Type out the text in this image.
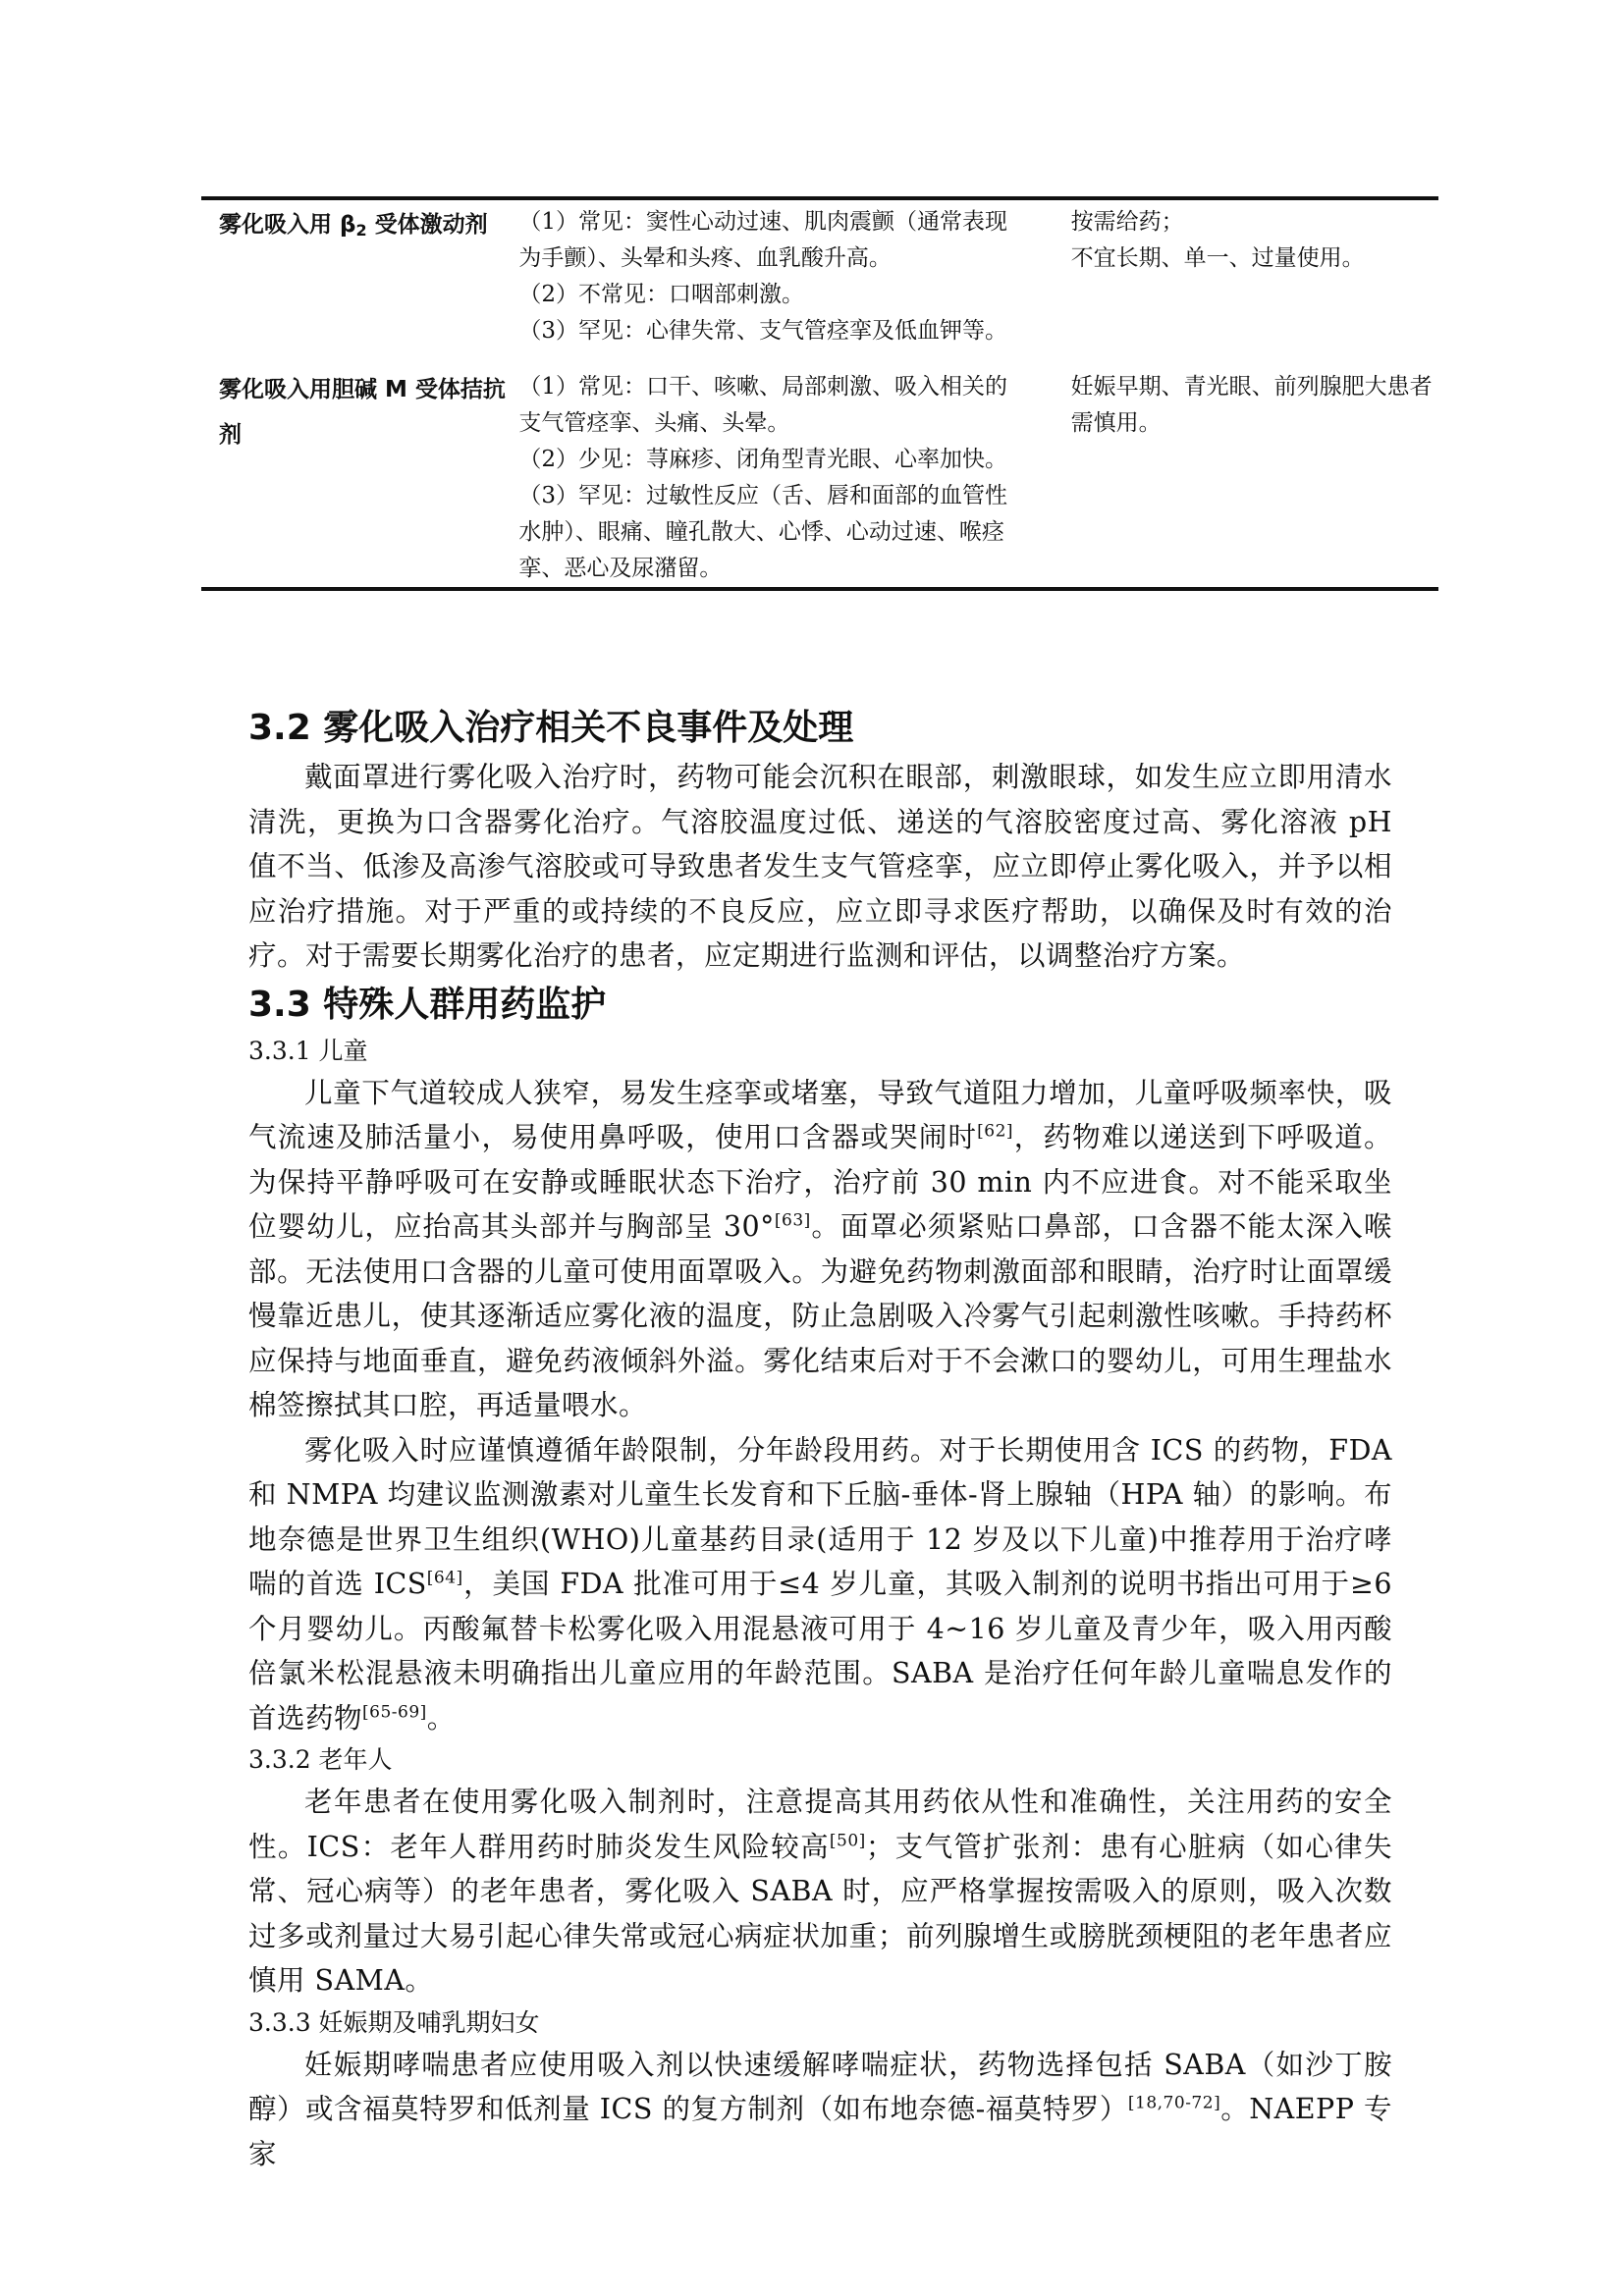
雾化吸入用 $\beta_2$ 受体激动剂	（1）常见：窦性心动过速、肌肉震颤（通常表现为手颤）、头晕和头疼、血乳酸升高。

（2）不常见：口咽部刺激。

（3）罕见：心律失常、支气管痉挛及低血钾等。

按需给药；

不宜长期、单一、过量使用。

雾化吸入用胆碱 M 受体拮抗剂

（1）常见：口干、咳嗽、局部刺激、吸入相关的支气管痉挛、头痛、头晕。

（2）少见：荨麻疹、闭角型青光眼、心率加快。

（3）罕见：过敏性反应（舌、唇和面部的血管性水肿）、眼痛、瞳孔散大、心悸、心动过速、喉痉挛、恶心及尿潴留。

妊娠早期、青光眼、前列腺肥大患者需慎用。

3.2 雾化吸入治疗相关不良事件及处理

戴面罩进行雾化吸入治疗时，药物可能会沉积在眼部，刺激眼球，如发生应立即用清水清洗，更换为口含器雾化治疗。气溶胶温度过低、递送的气溶胶密度过高、雾化溶液 pH 值不当、低渗及高渗气溶胶或可导致患者发生支气管痉挛，应立即停止雾化吸入，并予以相应治疗措施。对于严重的或持续的不良反应，应立即寻求医疗帮助，以确保及时有效的治疗。对于需要长期雾化治疗的患者，应定期进行监测和评估，以调整治疗方案。

3.3 特殊人群用药监护
3.3.1 儿童

儿童下气道较成人狭窄，易发生痉挛或堵塞，导致气道阻力增加，儿童呼吸频率快，吸气流速及肺活量小，易使用鼻呼吸，使用口含器或哭闹时[62]，药物难以递送到下呼吸道。为保持平静呼吸可在安静或睡眠状态下治疗，治疗前 30 min 内不应进食。对不能采取坐位婴幼儿，应抬高其头部并与胸部呈 30°[63]。面罩必须紧贴口鼻部，口含器不能太深入喉部。无法使用口含器的儿童可使用面罩吸入。为避免药物刺激面部和眼睛，治疗时让面罩缓慢靠近患儿，使其逐渐适应雾化液的温度，防止急剧吸入冷雾气引起刺激性咳嗽。手持药杯应保持与地面垂直，避免药液倾斜外溢。雾化结束后对于不会漱口的婴幼儿，可用生理盐水棉签擦拭其口腔，再适量喂水。

雾化吸入时应谨慎遵循年龄限制，分年龄段用药。对于长期使用含 ICS 的药物，FDA 和 NMPA 均建议监测激素对儿童生长发育和下丘脑-垂体-肾上腺轴（HPA 轴）的影响。布地奈德是世界卫生组织(WHO)儿童基药目录(适用于 12 岁及以下儿童)中推荐用于治疗哮喘的首选 ICS[64]，美国 FDA 批准可用于≤4 岁儿童，其吸入制剂的说明书指出可用于≥6 个月婴幼儿。丙酸氟替卡松雾化吸入用混悬液可用于 4~16 岁儿童及青少年，吸入用丙酸倍氯米松混悬液未明确指出儿童应用的年龄范围。SABA 是治疗任何年龄儿童喘息发作的首选药物[65-69]。

3.3.2 老年人

老年患者在使用雾化吸入制剂时，注意提高其用药依从性和准确性，关注用药的安全性。ICS：老年人群用药时肺炎发生风险较高[50]；支气管扩张剂：患有心脏病（如心律失常、冠心病等）的老年患者，雾化吸入 SABA 时，应严格掌握按需吸入的原则，吸入次数过多或剂量过大易引起心律失常或冠心病症状加重；前列腺增生或膀胱颈梗阻的老年患者应慎用 SAMA。

3.3.3 妊娠期及哺乳期妇女

妊娠期哮喘患者应使用吸入剂以快速缓解哮喘症状，药物选择包括 SABA（如沙丁胺醇）或含福莫特罗和低剂量 ICS 的复方制剂（如布地奈德-福莫特罗）[18,70-72]。NAEPP 专家
